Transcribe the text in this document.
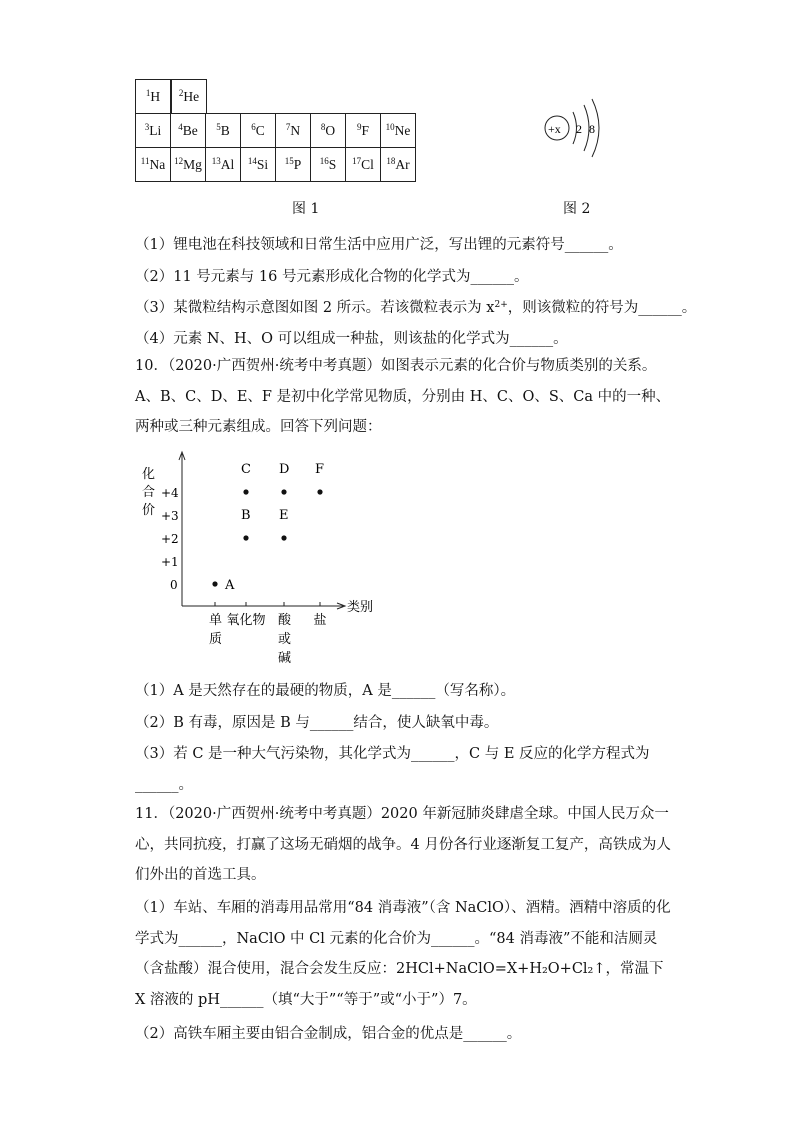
$^1$H		$^2$He
$^3$Li	$^4$Be	$^5$B	$^6$C	$^7$N	$^8$O	$^9$F	$^{10}$Ne
$^{11}$Na	$^{12}$Mg	$^{13}$Al	$^{14}$Si	$^{15}$P	$^{16}$S	$^{17}$Cl	$^{18}$Ar
图 1
+x 2 8
图 2
（1）锂电池在科技领域和日常生活中应用广泛，写出锂的元素符号______。
（2）11 号元素与 16 号元素形成化合物的化学式为______。
（3）某微粒结构示意图如图 2 所示。若该微粒表示为 $x^{2+}$，则该微粒的符号为______。
（4）元素 N、H、O 可以组成一种盐，则该盐的化学式为______。
10．（2020·广西贺州·统考中考真题）如图表示元素的化合价与物质类别的关系。A、B、C、D、E、F 是初中化学常见物质，分别由 H、C、O、S、Ca 中的一种、两种或三种元素组成。回答下列问题：
化
合
价
+4
+3
+2
+1
0
单
质
氧化物 酸
或
碱
盐
类别
A
B E
C D F
（1）A 是天然存在的最硬的物质，A 是______（写名称）。
（2）B 有毒，原因是 B 与______结合，使人缺氧中毒。
（3）若 C 是一种大气污染物，其化学式为______，C 与 E 反应的化学方程式为
______。
11．（2020·广西贺州·统考中考真题）2020 年新冠肺炎肆虐全球。中国人民万众一心，共同抗疫，打赢了这场无硝烟的战争。4 月份各行业逐渐复工复产，高铁成为人们外出的首选工具。
（1）车站、车厢的消毒用品常用“84 消毒液”（含 NaClO）、酒精。酒精中溶质的化学式为______，NaClO 中 Cl 元素的化合价为______。“84 消毒液”不能和洁厕灵（含盐酸）混合使用，混合会发生反应：2HCl+NaClO=X+H₂O+Cl₂↑，常温下 X 溶液的 pH______（填“大于”“等于”或“小于”）7。
（2）高铁车厢主要由铝合金制成，铝合金的优点是______。
